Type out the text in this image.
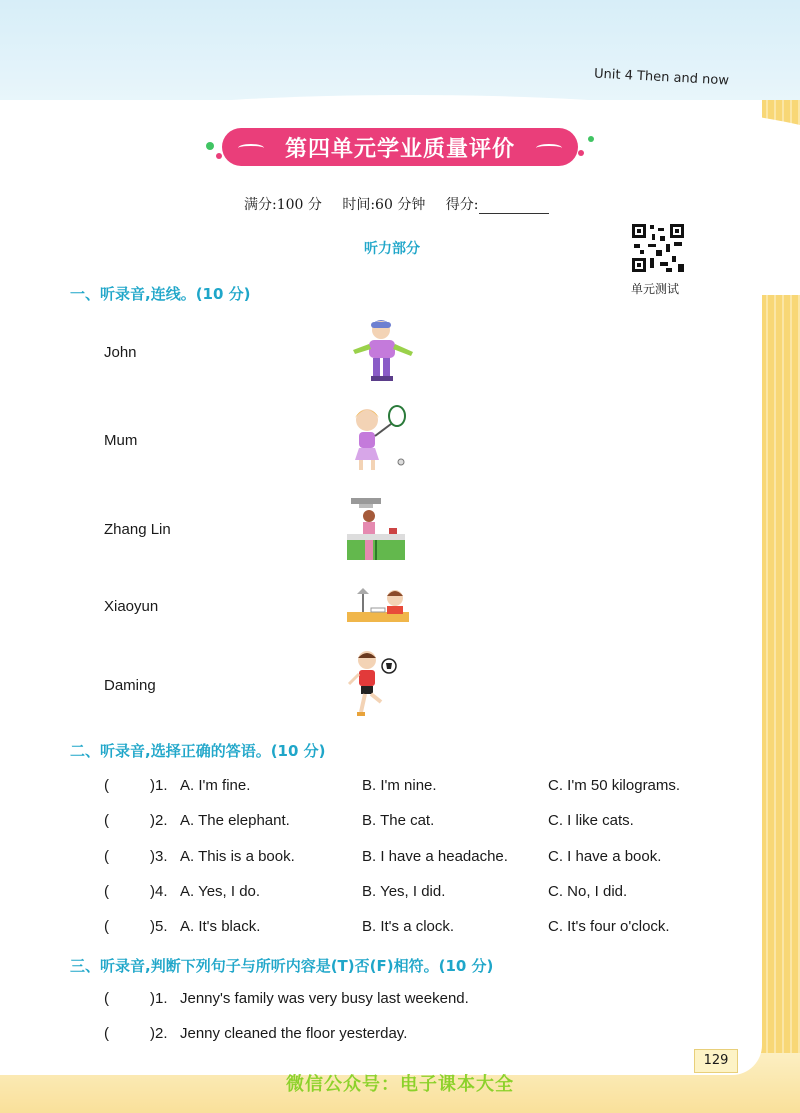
Unit 4 Then and now
第四单元学业质量评价
满分:100 分 时间:60 分钟 得分:
听力部分
单元测试
一、听录音,连线。(10 分)
John
Mum
Zhang Lin
Xiaoyun
Daming
二、听录音,选择正确的答语。(10 分)
(	)1. A. I'm fine.	B. I'm nine.	C. I'm 50 kilograms.
(	)2. A. The elephant.	B. The cat.	C. I like cats.
(	)3. A. This is a book.	B. I have a headache.	C. I have a book.
(	)4. A. Yes, I do.	B. Yes, I did.	C. No, I did.
(	)5. A. It's black.	B. It's a clock.	C. It's four o'clock.
三、听录音,判断下列句子与所听内容是(T)否(F)相符。(10 分)
(	)1. Jenny's family was very busy last weekend.
(	)2. Jenny cleaned the floor yesterday.
129
微信公众号：电子课本大全
